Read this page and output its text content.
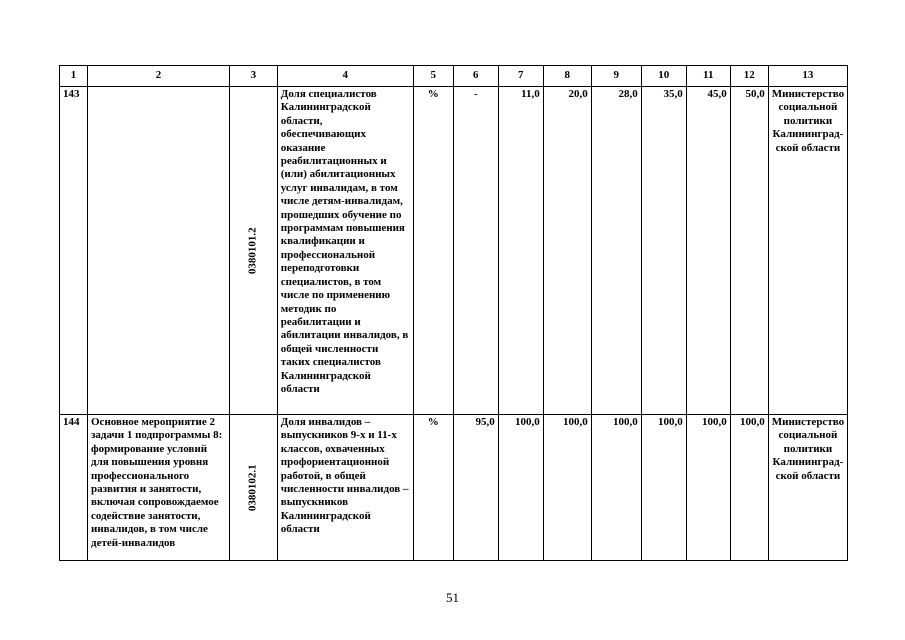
1	2	3	4	5	6	7	8	9	10	11	12	13
143		0380101.2	Доля специалистов Калининградской области, обеспечивающих оказание реабилитационных и (или) абилитационных услуг инвалидам, в том числе детям-инвалидам, прошедших обучение по программам повышения квалификации и профессиональной переподготовки специалистов, в том числе по применению методик по реабилитации и абилитации инвалидов, в общей численности таких специалистов Калининградской области	%	-	11,0	20,0	28,0	35,0	45,0	50,0	Министерство социальной политики Калининград-ской области
144	Основное мероприятие 2 задачи 1 подпрограммы 8: формирование условий для повышения уровня профессионального развития и занятости, включая сопровождаемое содействие занятости, инвалидов, в том числе детей-инвалидов	0380102.1	Доля инвалидов – выпускников 9-х и 11-х классов, охваченных профориентационной работой, в общей численности инвалидов – выпускников Калининградской области	%	95,0	100,0	100,0	100,0	100,0	100,0	100,0	Министерство социальной политики Калининград-ской области
51
